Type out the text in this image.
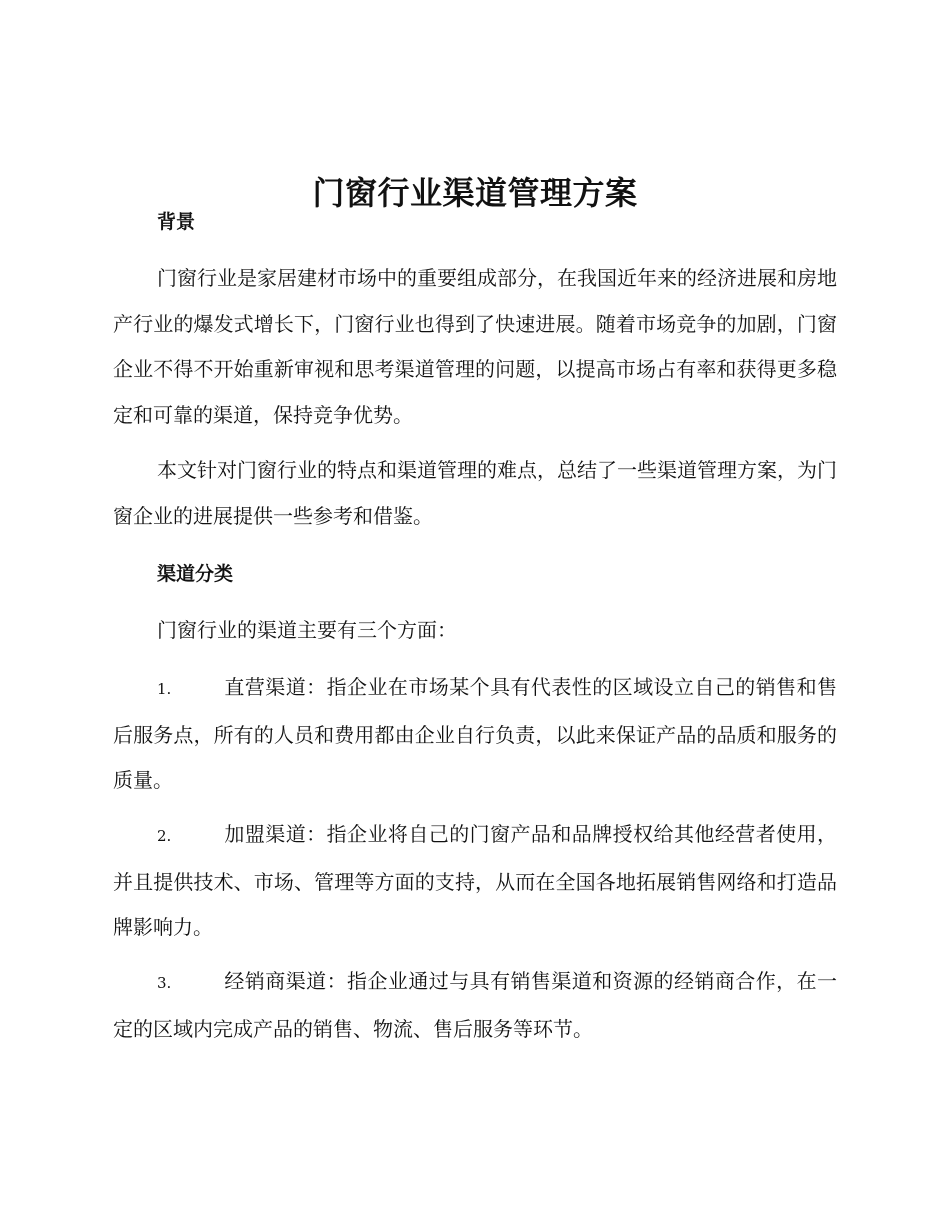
门窗行业渠道管理方案
背景

门窗行业是家居建材市场中的重要组成部分，在我国近年来的经济进展和房地产行业的爆发式增长下，门窗行业也得到了快速进展。随着市场竞争的加剧，门窗企业不得不开始重新审视和思考渠道管理的问题，以提高市场占有率和获得更多稳定和可靠的渠道，保持竞争优势。

本文针对门窗行业的特点和渠道管理的难点，总结了一些渠道管理方案，为门窗企业的进展提供一些参考和借鉴。

渠道分类

门窗行业的渠道主要有三个方面：

1.	直营渠道：指企业在市场某个具有代表性的区域设立自己的销售和售后服务点，所有的人员和费用都由企业自行负责，以此来保证产品的品质和服务的质量。

2.	加盟渠道：指企业将自己的门窗产品和品牌授权给其他经营者使用，并且提供技术、市场、管理等方面的支持，从而在全国各地拓展销售网络和打造品牌影响力。

3.	经销商渠道：指企业通过与具有销售渠道和资源的经销商合作，在一定的区域内完成产品的销售、物流、售后服务等环节。
